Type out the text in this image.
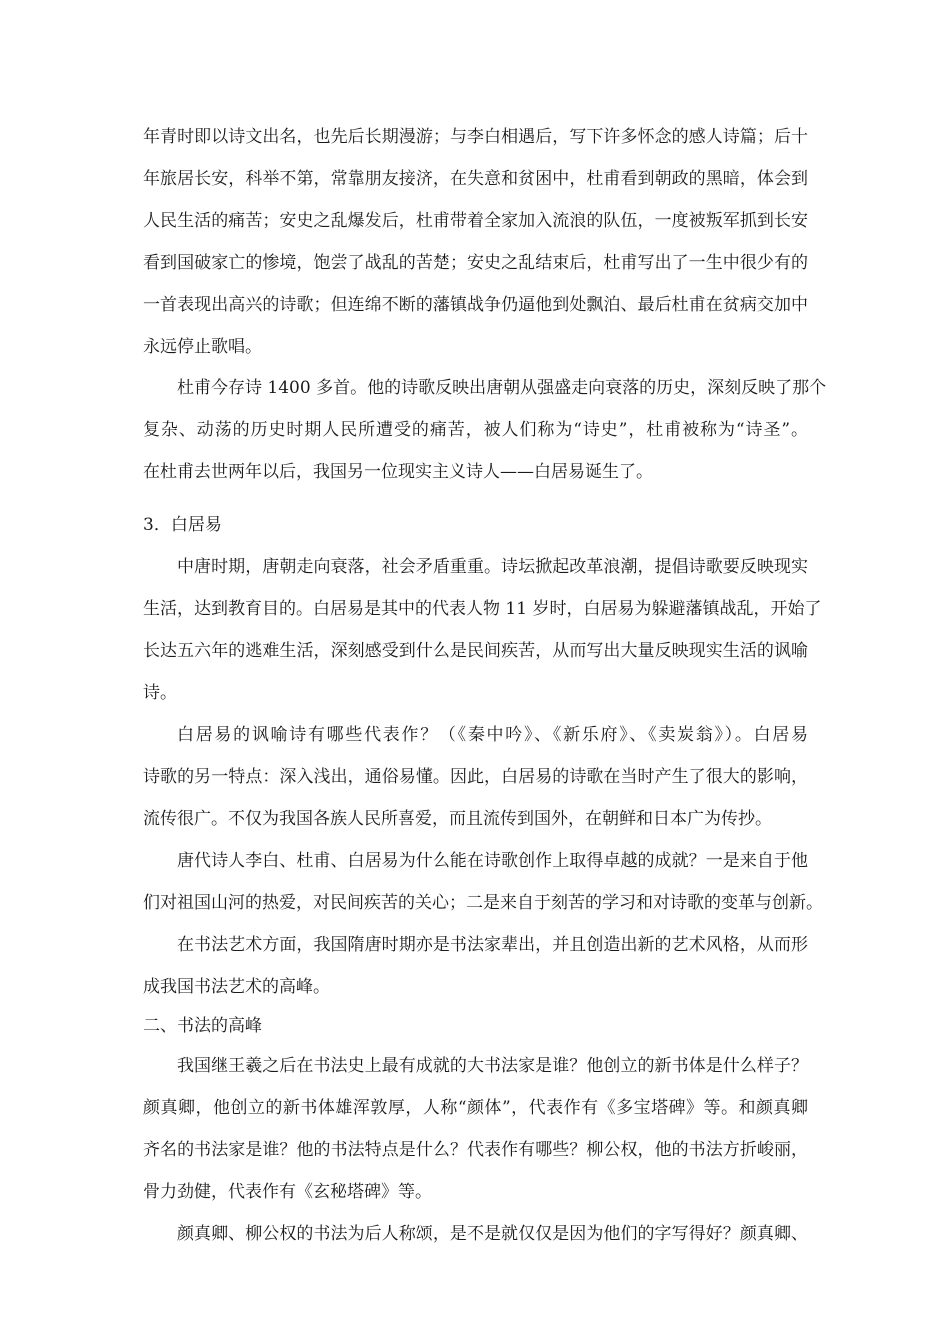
年青时即以诗文出名，也先后长期漫游；与李白相遇后，写下许多怀念的感人诗篇；后十
年旅居长安，科举不第，常靠朋友接济，在失意和贫困中，杜甫看到朝政的黑暗，体会到
人民生活的痛苦；安史之乱爆发后，杜甫带着全家加入流浪的队伍，一度被叛军抓到长安
看到国破家亡的惨境，饱尝了战乱的苦楚；安史之乱结束后，杜甫写出了一生中很少有的
一首表现出高兴的诗歌；但连绵不断的藩镇战争仍逼他到处飘泊、最后杜甫在贫病交加中
永远停止歌唱。
杜甫今存诗 1400 多首。他的诗歌反映出唐朝从强盛走向衰落的历史，深刻反映了那个
复杂、动荡的历史时期人民所遭受的痛苦，被人们称为“诗史”，杜甫被称为“诗圣”。
在杜甫去世两年以后，我国另一位现实主义诗人——白居易诞生了。
3．白居易
中唐时期，唐朝走向衰落，社会矛盾重重。诗坛掀起改革浪潮，提倡诗歌要反映现实
生活，达到教育目的。白居易是其中的代表人物 11 岁时，白居易为躲避藩镇战乱，开始了
长达五六年的逃难生活，深刻感受到什么是民间疾苦，从而写出大量反映现实生活的讽喻
诗。
白居易的讽喻诗有哪些代表作？（《秦中吟》、《新乐府》、《卖炭翁》）。白居易
诗歌的另一特点：深入浅出，通俗易懂。因此，白居易的诗歌在当时产生了很大的影响，
流传很广。不仅为我国各族人民所喜爱，而且流传到国外，在朝鲜和日本广为传抄。
唐代诗人李白、杜甫、白居易为什么能在诗歌创作上取得卓越的成就？一是来自于他
们对祖国山河的热爱，对民间疾苦的关心；二是来自于刻苦的学习和对诗歌的变革与创新。
在书法艺术方面，我国隋唐时期亦是书法家辈出，并且创造出新的艺术风格，从而形
成我国书法艺术的高峰。
二、书法的高峰
我国继王羲之后在书法史上最有成就的大书法家是谁？他创立的新书体是什么样子？
颜真卿，他创立的新书体雄浑敦厚，人称“颜体”，代表作有《多宝塔碑》等。和颜真卿
齐名的书法家是谁？他的书法特点是什么？代表作有哪些？柳公权，他的书法方折峻丽，
骨力劲健，代表作有《玄秘塔碑》等。
颜真卿、柳公权的书法为后人称颂，是不是就仅仅是因为他们的字写得好？颜真卿、
